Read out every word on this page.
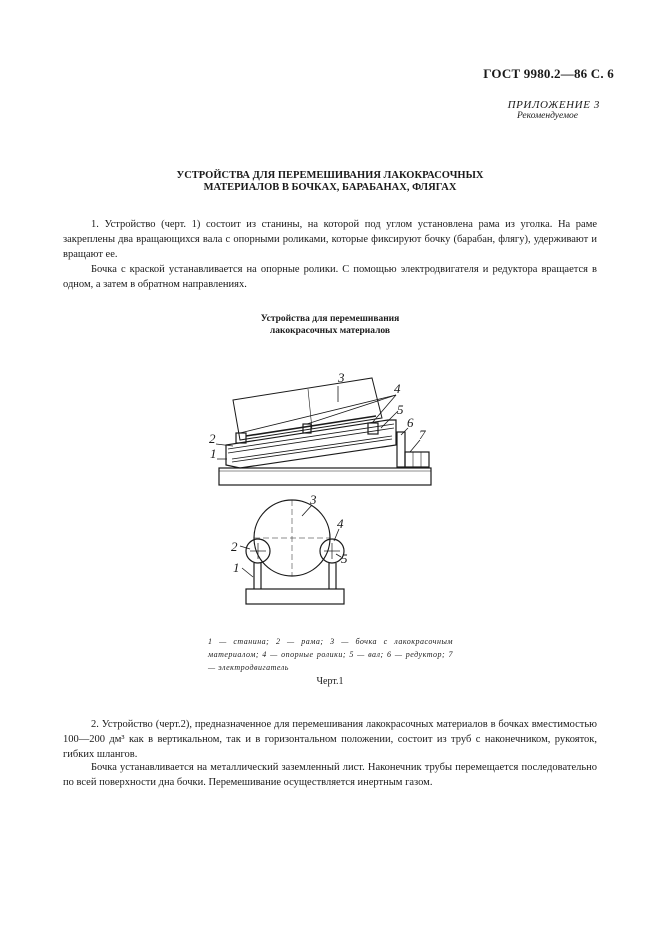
ГОСТ 9980.2—86 С. 6
ПРИЛОЖЕНИЕ 3
Рекомендуемое
УСТРОЙСТВА ДЛЯ ПЕРЕМЕШИВАНИЯ ЛАКОКРАСОЧНЫХ
МАТЕРИАЛОВ В БОЧКАХ, БАРАБАНАХ, ФЛЯГАХ

1. Устройство (черт. 1) состоит из станины, на которой под углом установлена рама из уголка. На раме закреплены два вращающихся вала с опорными роликами, которые фиксируют бочку (барабан, флягу), удерживают и вращают ее.

Бочка с краской устанавливается на опорные ролики. С помощью электродвигателя и редуктора вращается в одном, а затем в обратном направлениях.

Устройства для перемешивания
лакокрасочных материалов
3
4
5
6
7
2
1
3
4
5
2
1
1 — станина; 2 — рама; 3 — бочка с лакокрасочным материалом; 4 — опорные ролики; 5 — вал; 6 — редуктор; 7 — электродвигатель
Черт.1

2. Устройство (черт.2), предназначенное для перемешивания лакокрасочных материалов в бочках вместимостью 100—200 дм³ как в вертикальном, так и в горизонтальном положении, состоит из труб с наконечником, рукояток, гибких шлангов.

Бочка устанавливается на металлический заземленный лист. Наконечник трубы перемещается последовательно по всей поверхности дна бочки. Перемешивание осуществляется инертным газом.
